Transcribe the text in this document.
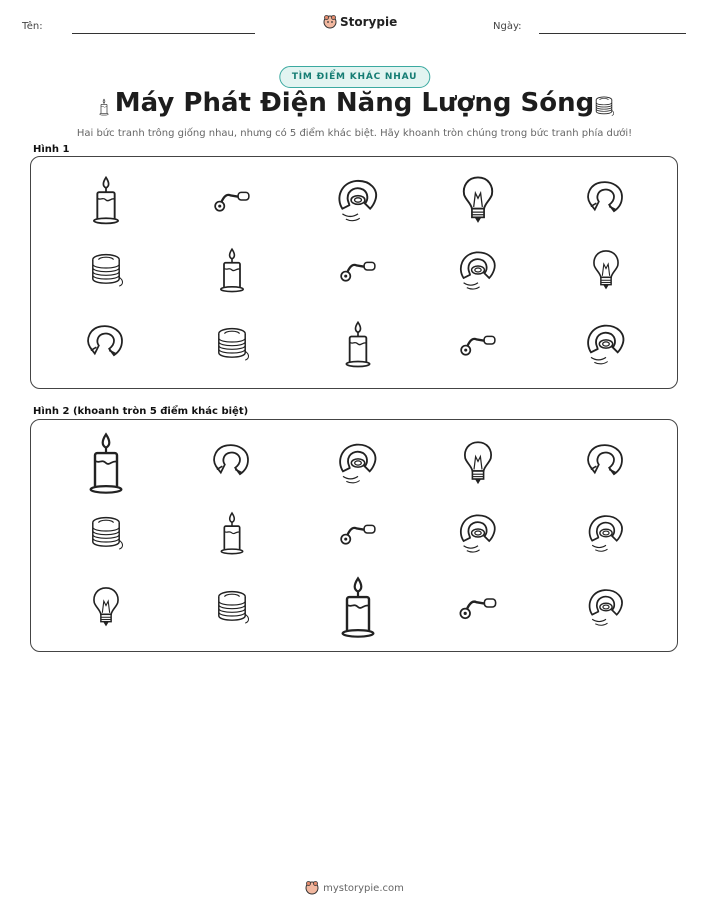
Tên:	Storypie	Ngày:
TÌM ĐIỂM KHÁC NHAU
Máy Phát Điện Năng Lượng Sóng
Hai bức tranh trông giống nhau, nhưng có 5 điểm khác biệt. Hãy khoanh tròn chúng trong bức tranh phía dưới!
Hình 1
Hình 2 (khoanh tròn 5 điểm khác biệt)
mystorypie.com
